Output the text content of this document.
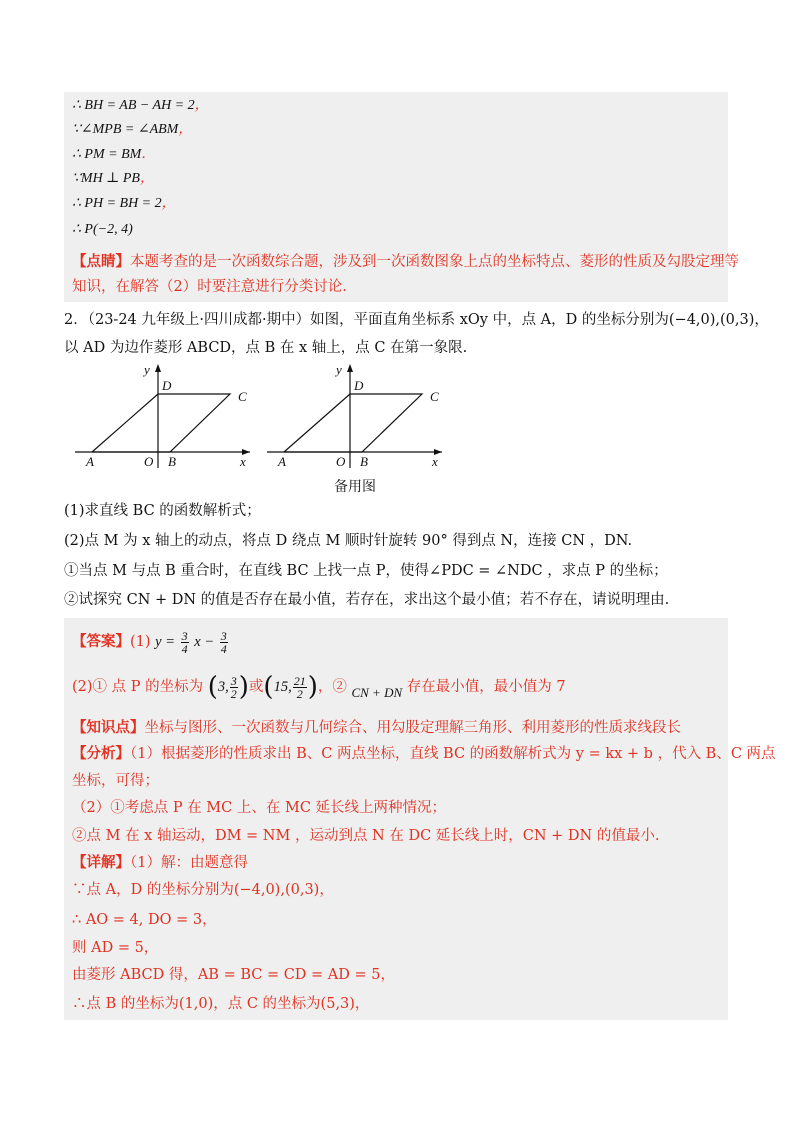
∴ BH = AB − AH = 2，
∵∠MPB = ∠ABM，
∴ PM = BM．
∵MH ⊥ PB，
∴ PH = BH = 2，
∴ P(−2, 4)
【点睛】本题考查的是一次函数综合题，涉及到一次函数图象上点的坐标特点、菱形的性质及勾股定理等
知识，在解答（2）时要注意进行分类讨论.
2．（23-24 九年级上·四川成都·期中）如图，平面直角坐标系 xOy 中，点 A，D 的坐标分别为(−4,0),(0,3)，
以 AD 为边作菱形 ABCD，点 B 在 x 轴上，点 C 在第一象限.
y
x
D
C
A	O B
y
x
D
C
A	O B
备用图
(1)求直线 BC 的函数解析式；
(2)点 M 为 x 轴上的动点，将点 D 绕点 M 顺时针旋转 90° 得到点 N，连接 CN ，DN.
①当点 M 与点 B 重合时，在直线 BC 上找一点 P，使得∠PDC = ∠NDC ，求点 P 的坐标；
②试探究 CN + DN 的值是否存在最小值，若存在，求出这个最小值；若不存在，请说明理由.
【答案】(1) $y = \frac{3}{4}$ $x - \frac{3}{4}$
(2)① 点 P 的坐标为 (3, $\frac{3}{2}$ )或(15, $\frac{21}{2}$ )，② CN + DN 存在最小值，最小值为 7
【知识点】坐标与图形、一次函数与几何综合、用勾股定理解三角形、利用菱形的性质求线段长
【分析】（1）根据菱形的性质求出 B、C 两点坐标，直线 BC 的函数解析式为 y = kx + b ，代入 B、C 两点
坐标，可得；
（2）①考虑点 P 在 MC 上、在 MC 延长线上两种情况；
②点 M 在 x 轴运动，DM = NM ，运动到点 N 在 DC 延长线上时，CN + DN 的值最小.
【详解】（1）解：由题意得
∵点 A，D 的坐标分别为(−4,0),(0,3)，
∴ AO = 4, DO = 3，
则 AD = 5，
由菱形 ABCD 得，AB = BC = CD = AD = 5，
∴点 B 的坐标为(1,0)，点 C 的坐标为(5,3)，
